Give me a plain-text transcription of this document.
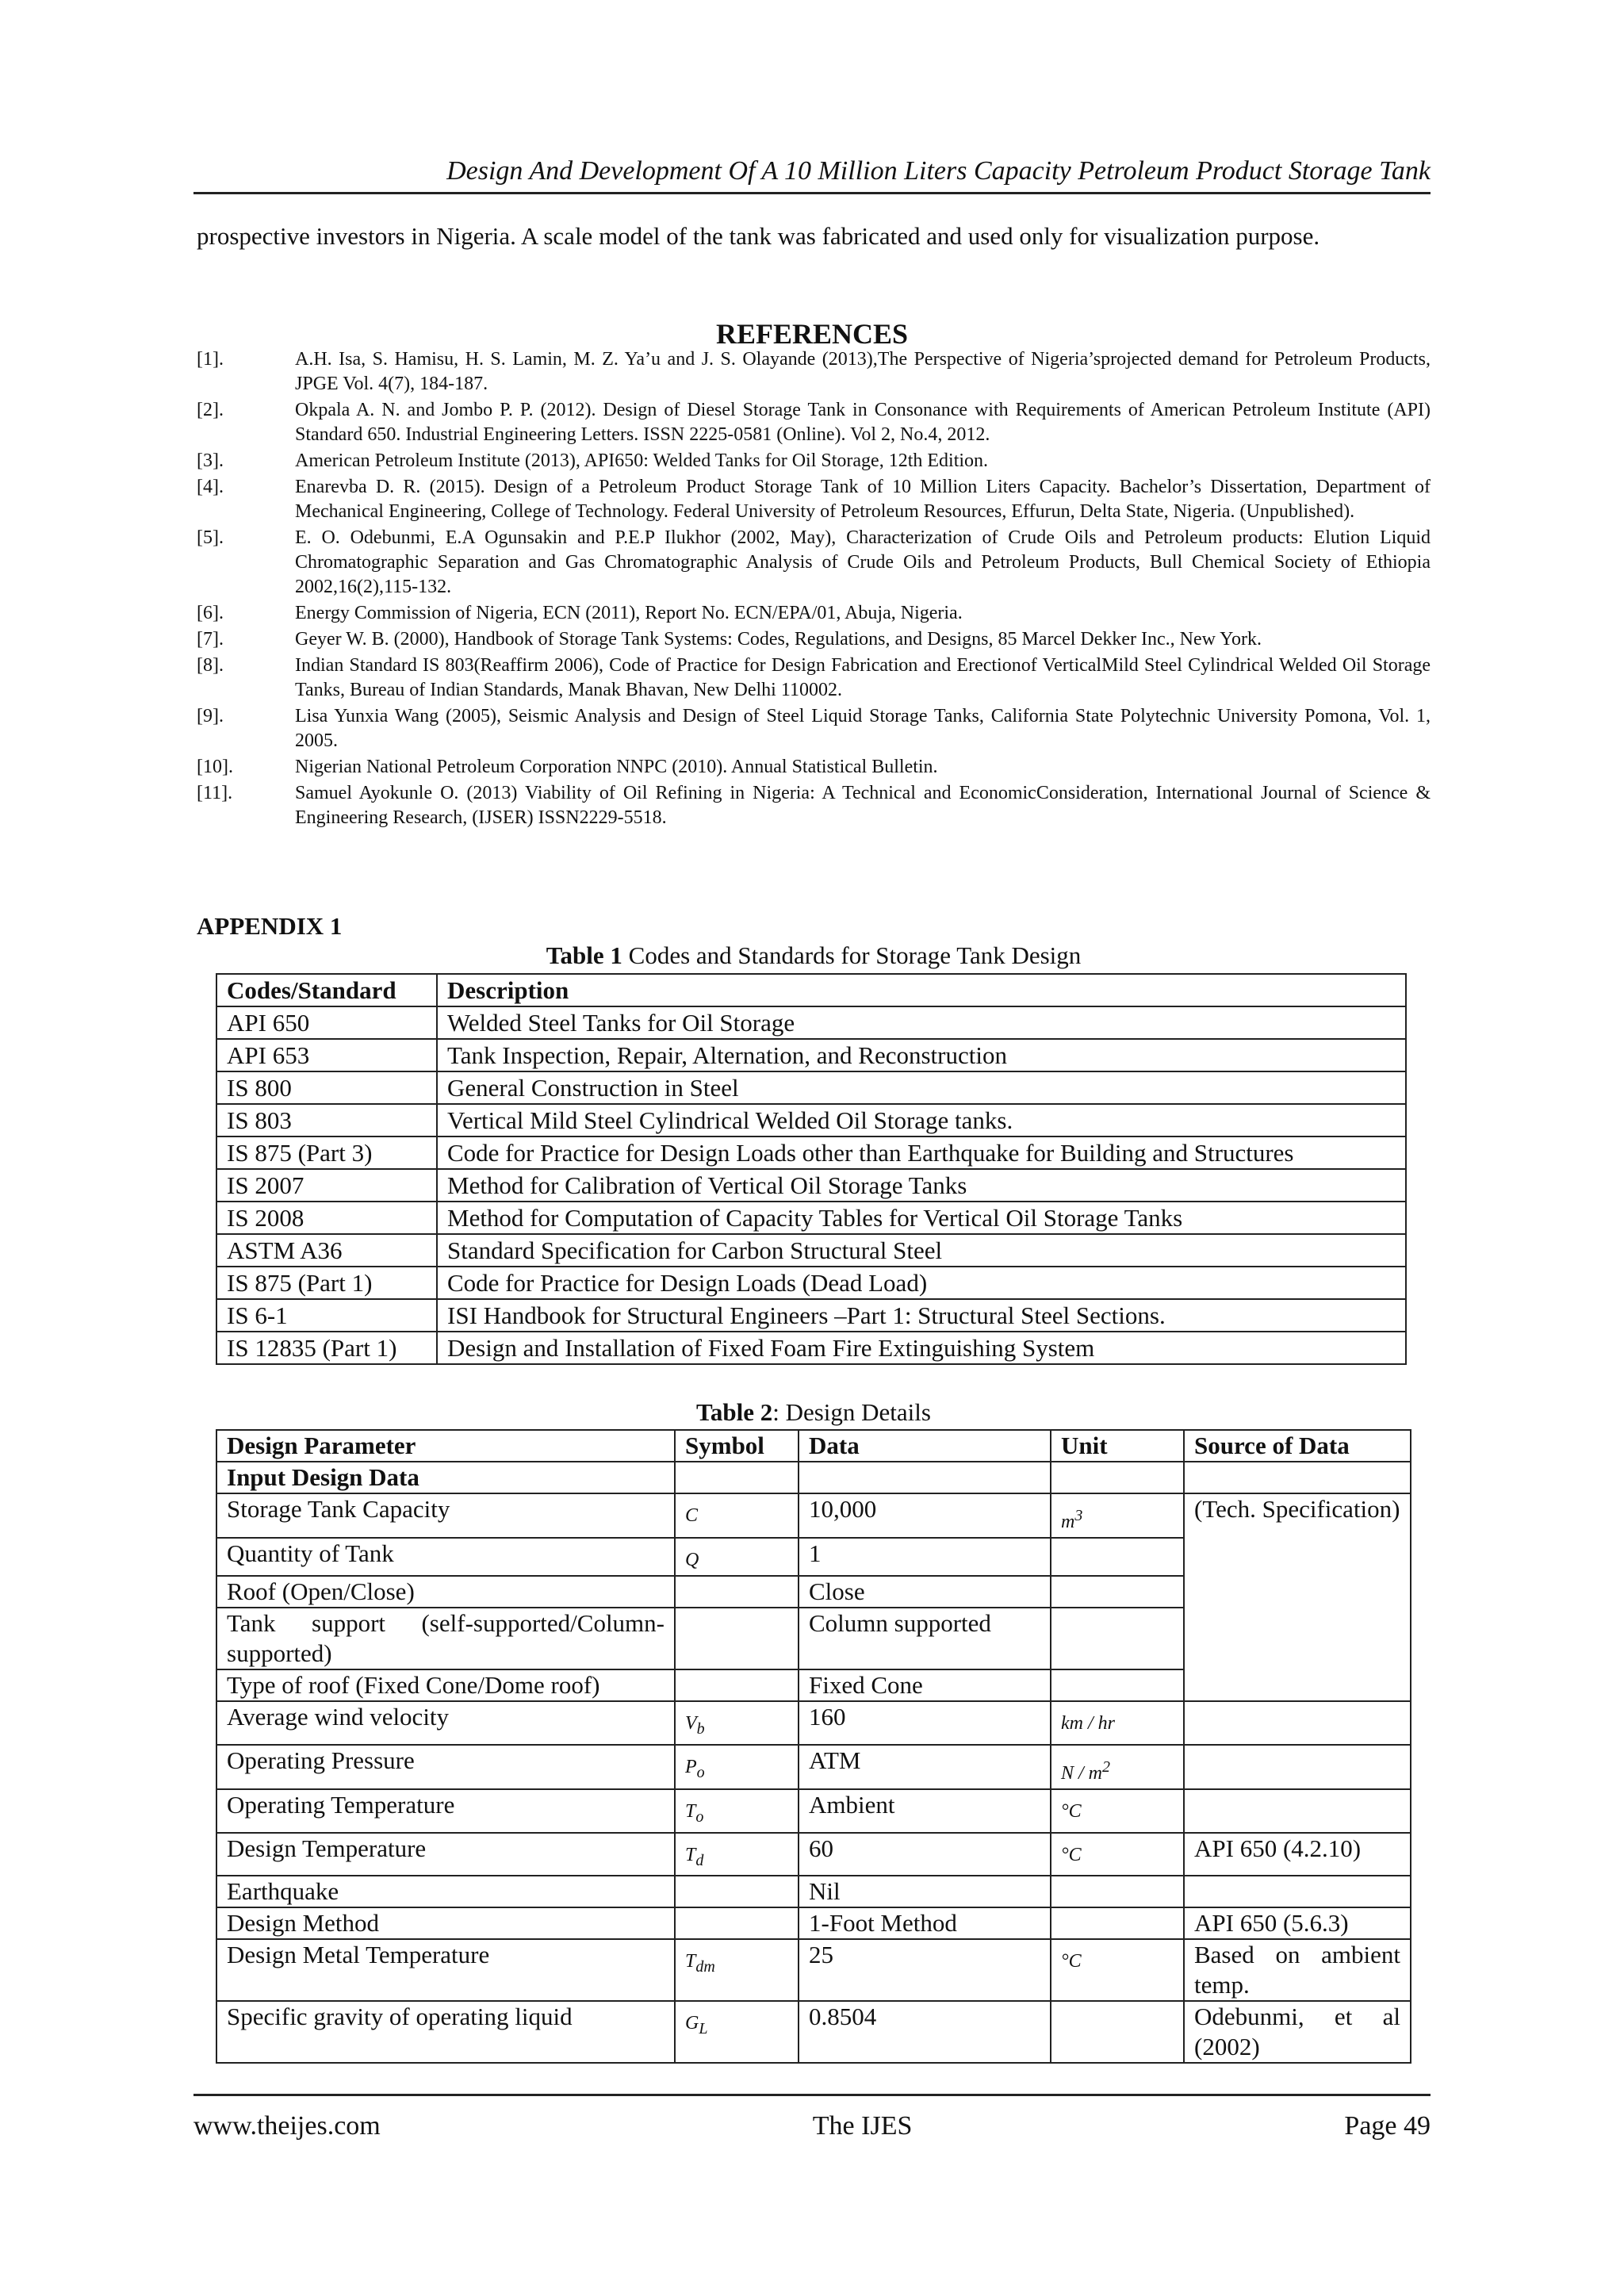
Design And Development Of A 10 Million Liters Capacity Petroleum Product Storage Tank
prospective investors in Nigeria. A scale model of the tank was fabricated and used only for visualization purpose.
REFERENCES
[1].	A.H. Isa, S. Hamisu, H. S. Lamin, M. Z. Ya’u and J. S. Olayande (2013),The Perspective of Nigeria’sprojected demand for Petroleum Products, JPGE Vol. 4(7), 184-187.
[2].	Okpala A. N. and Jombo P. P. (2012). Design of Diesel Storage Tank in Consonance with Requirements of American Petroleum Institute (API) Standard 650. Industrial Engineering Letters. ISSN 2225-0581 (Online). Vol 2, No.4, 2012.
[3].	American Petroleum Institute (2013), API650: Welded Tanks for Oil Storage, 12th Edition.
[4].	Enarevba D. R. (2015). Design of a Petroleum Product Storage Tank of 10 Million Liters Capacity. Bachelor’s Dissertation, Department of Mechanical Engineering, College of Technology. Federal University of Petroleum Resources, Effurun, Delta State, Nigeria. (Unpublished).
[5].	E. O. Odebunmi, E.A Ogunsakin and P.E.P Ilukhor (2002, May), Characterization of Crude Oils and Petroleum products: Elution Liquid Chromatographic Separation and Gas Chromatographic Analysis of Crude Oils and Petroleum Products, Bull Chemical Society of Ethiopia 2002,16(2),115-132.
[6].	Energy Commission of Nigeria, ECN (2011), Report No. ECN/EPA/01, Abuja, Nigeria.
[7].	Geyer W. B. (2000), Handbook of Storage Tank Systems: Codes, Regulations, and Designs, 85 Marcel Dekker Inc., New York.
[8].	Indian Standard IS 803(Reaffirm 2006), Code of Practice for Design Fabrication and Erectionof VerticalMild Steel Cylindrical Welded Oil Storage Tanks, Bureau of Indian Standards, Manak Bhavan, New Delhi 110002.
[9].	Lisa Yunxia Wang (2005), Seismic Analysis and Design of Steel Liquid Storage Tanks, California State Polytechnic University Pomona, Vol. 1, 2005.
[10].	Nigerian National Petroleum Corporation NNPC (2010). Annual Statistical Bulletin.
[11].	Samuel Ayokunle O. (2013) Viability of Oil Refining in Nigeria: A Technical and EconomicConsideration, International Journal of Science & Engineering Research, (IJSER) ISSN2229-5518.
APPENDIX 1
Table 1 Codes and Standards for Storage Tank Design
Codes/Standard	Description
API 650	Welded Steel Tanks for Oil Storage
API 653	Tank Inspection, Repair, Alternation, and Reconstruction
IS 800	General Construction in Steel
IS 803	Vertical Mild Steel Cylindrical Welded Oil Storage tanks.
IS 875 (Part 3)	Code for Practice for Design Loads other than Earthquake for Building and Structures
IS 2007	Method for Calibration of Vertical Oil Storage Tanks
IS 2008	Method for Computation of Capacity Tables for Vertical Oil Storage Tanks
ASTM A36	Standard Specification for Carbon Structural Steel
IS 875 (Part 1)	Code for Practice for Design Loads (Dead Load)
IS 6-1	ISI Handbook for Structural Engineers –Part 1: Structural Steel Sections.
IS 12835 (Part 1)	Design and Installation of Fixed Foam Fire Extinguishing System
Table 2: Design Details
Design Parameter	Symbol	Data	Unit	Source of Data
Input Design Data				
Storage Tank Capacity	C	10,000	$m^3$	(Tech. Specification)
Quantity of Tank	Q	1		
Roof (Open/Close)		Close		
Tank support (self-supported/Column-supported)		Column supported		
Type of roof (Fixed Cone/Dome roof)		Fixed Cone		
Average wind velocity	$V_b$	160	km / hr	
Operating Pressure	$P_o$	ATM	N / $m^2$	
Operating Temperature	$T_o$	Ambient	°C	
Design Temperature	$T_d$	60	°C	API 650 (4.2.10)
Earthquake		Nil		
Design Method		1-Foot Method		API 650 (5.6.3)
Design Metal Temperature	$T_{dm}$	25	°C	Based on ambient temp.
Specific gravity of operating liquid	$G_L$	0.8504		Odebunmi, et al (2002)
www.theijes.com	The IJES	Page 49
